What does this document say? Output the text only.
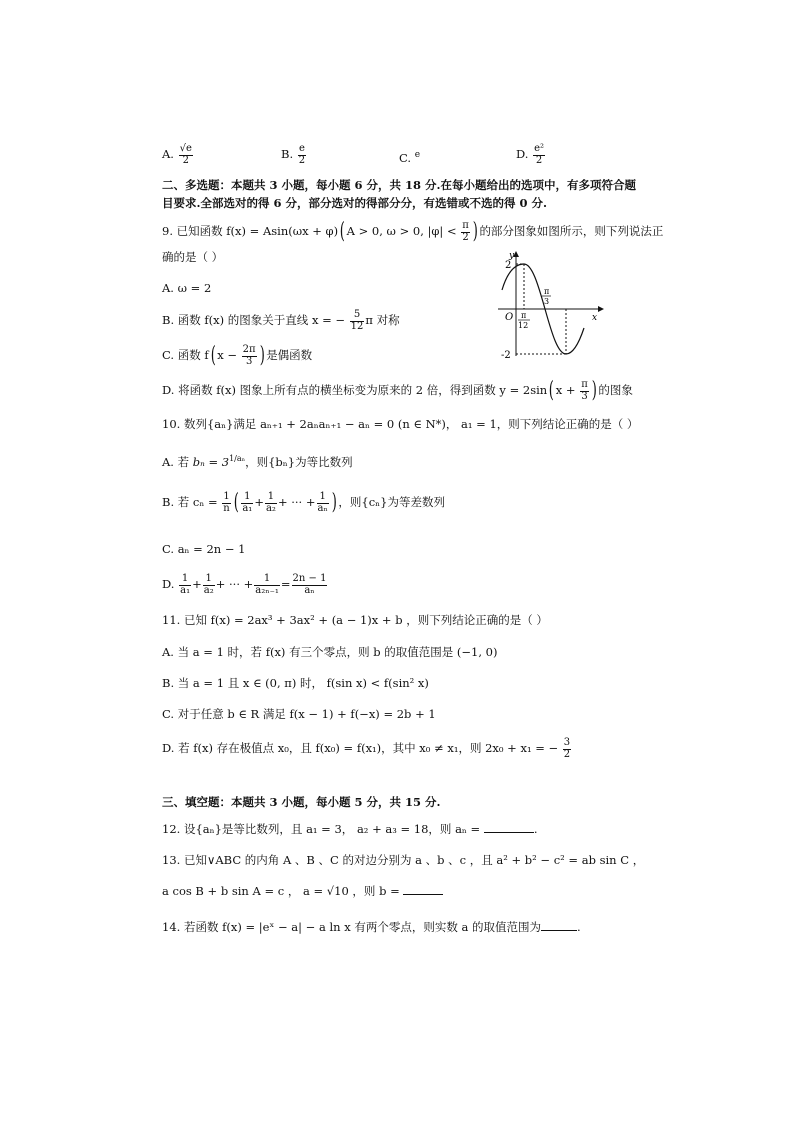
A. $\frac{√e}{2}$	B. $\frac{e}{2}$	C. $^e$	D. $\frac{\text{e²}}{2}$
二、多选题：本题共 3 小题，每小题 6 分，共 18 分.在每小题给出的选项中，有多项符合题
目要求.全部选对的得 6 分，部分选对的得部分分，有选错或不选的得 0 分.
9. 已知函数 f(x) = Asin(ωx + φ)( A > 0, ω > 0, $|\varphi| < \frac{\pi}{2}$ ) 的部分图象如图所示，则下列说法正
确的是（ ）
A. ω = 2
B. 函数 f(x) 的图象关于直线 x = − $\frac{5}{12}$ π 对称
C. 函数 f( $x - \frac{2\pi}{3}$ ) 是偶函数
D. 将函数 f(x) 图象上所有点的横坐标变为原来的 2 倍，得到函数 y = 2sin( $x + \frac{\pi}{3}$ ) 的图象
y
x
O
2
-2
π
12
π
3
10. 数列{aₙ}满足 aₙ₊₁ + 2aₙaₙ₊₁ − aₙ = 0 (n ∈ N*)， a₁ = 1，则下列结论正确的是（ ）
A. 若 $b_n = 3^{1/a_n}$，则{bₙ}为等比数列
B. 若 $c_n = \frac{1}{n}$ ( $\frac{1}{\text{a₁}} + \frac{1}{\text{a₂}}$ + ··· + $\frac{1}{\text{aₙ}}$ ) ，则{cₙ}为等差数列
C. aₙ = 2n − 1
D. $\frac{1}{\text{a₁}} + \frac{1}{\text{a₂}}$ + ··· + $\frac{1}{\text{a₂ₙ₋₁}} = \frac{2n - 1}{\text{aₙ}}$
11. 已知 f(x) = 2ax³ + 3ax² + (a − 1)x + b ，则下列结论正确的是（ ）
A. 当 a = 1 时，若 f(x) 有三个零点，则 b 的取值范围是 (−1, 0)
B. 当 a = 1 且 x ∈ (0, π) 时， f(sin x) < f(sin² x)
C. 对于任意 b ∈ R 满足 f(x − 1) + f(−x) = 2b + 1
D. 若 f(x) 存在极值点 x₀，且 f(x₀) = f(x₁)，其中 x₀ ≠ x₁，则 2x₀ + x₁ = − $\frac{3}{2}$
三、填空题：本题共 3 小题，每小题 5 分，共 15 分.
12. 设{aₙ}是等比数列，且 a₁ = 3， a₂ + a₃ = 18，则 aₙ =	.
13. 已知∨ABC 的内角 A 、B 、C 的对边分别为 a 、b 、c ，且 a² + b² − c² = ab sin C ，
a cos B + b sin A = c ， a = √10 ，则 b =
14. 若函数 f(x) = |eˣ − a| − a ln x 有两个零点，则实数 a 的取值范围为	.
